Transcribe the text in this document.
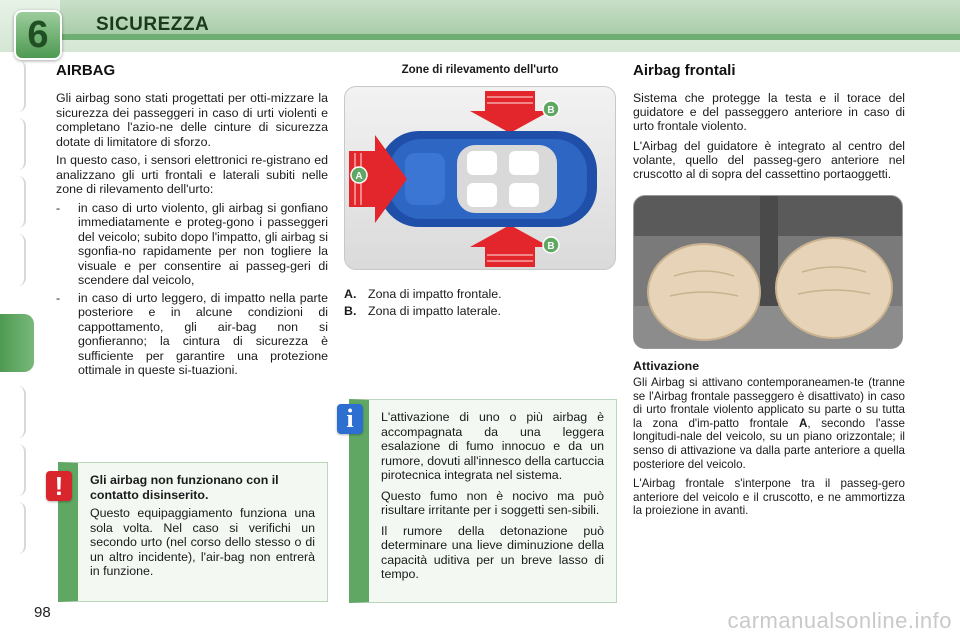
6 SICUREZZA
98
AIRBAG

Gli airbag sono stati progettati per otti-mizzare la sicurezza dei passeggeri in caso di urti violenti e completano l'azio-ne delle cinture di sicurezza dotate di limitatore di sforzo.

In questo caso, i sensori elettronici re-gistrano ed analizzano gli urti frontali e laterali subiti nelle zone di rilevamento dell'urto:

- in caso di urto violento, gli airbag si gonfiano immediatamente e proteg-gono i passeggeri del veicolo; subito dopo l'impatto, gli airbag si sgonfia-no rapidamente per non togliere la visuale e per consentire ai passeg-geri di scendere dal veicolo,
- in caso di urto leggero, di impatto nella parte posteriore e in alcune condizioni di cappottamento, gli air-bag non si gonfieranno; la cintura di sicurezza è sufficiente per garantire una protezione ottimale in queste si-tuazioni.
! Gli airbag non funzionano con il contatto disinserito.
Questo equipaggiamento funziona una sola volta. Nel caso si verifichi un secondo urto (nel corso dello stesso o di un altro incidente), l'air-bag non entrerà in funzione.
Zone di rilevamento dell'urto
A
B
B
A. Zona di impatto frontale.
B. Zona di impatto laterale.
i L'attivazione di uno o più airbag è accompagnata da una leggera esalazione di fumo innocuo e da un rumore, dovuti all'innesco della cartuccia pirotecnica integrata nel sistema.

Questo fumo non è nocivo ma può risultare irritante per i soggetti sen-sibili.

Il rumore della detonazione può determinare una lieve diminuzione della capacità uditiva per un breve lasso di tempo.

Airbag frontali

Sistema che protegge la testa e il torace del guidatore e del passeggero anteriore in caso di urto frontale violento.

L'Airbag del guidatore è integrato al centro del volante, quello del passeg-gero anteriore nel cruscotto al di sopra del cassettino portaoggetti.

Attivazione

Gli Airbag si attivano contemporaneamen-te (tranne se l'Airbag frontale passeggero è disattivato) in caso di urto frontale violento applicato su parte o su tutta la zona d'im-patto frontale A, secondo l'asse longitudi-nale del veicolo, su un piano orizzontale; il senso di attivazione va dalla parte anteriore a quella posteriore del veicolo.

L'Airbag frontale s'interpone tra il passeg-gero anteriore del veicolo e il cruscotto, e ne ammortizza la proiezione in avanti.

carmanualsonline.info
